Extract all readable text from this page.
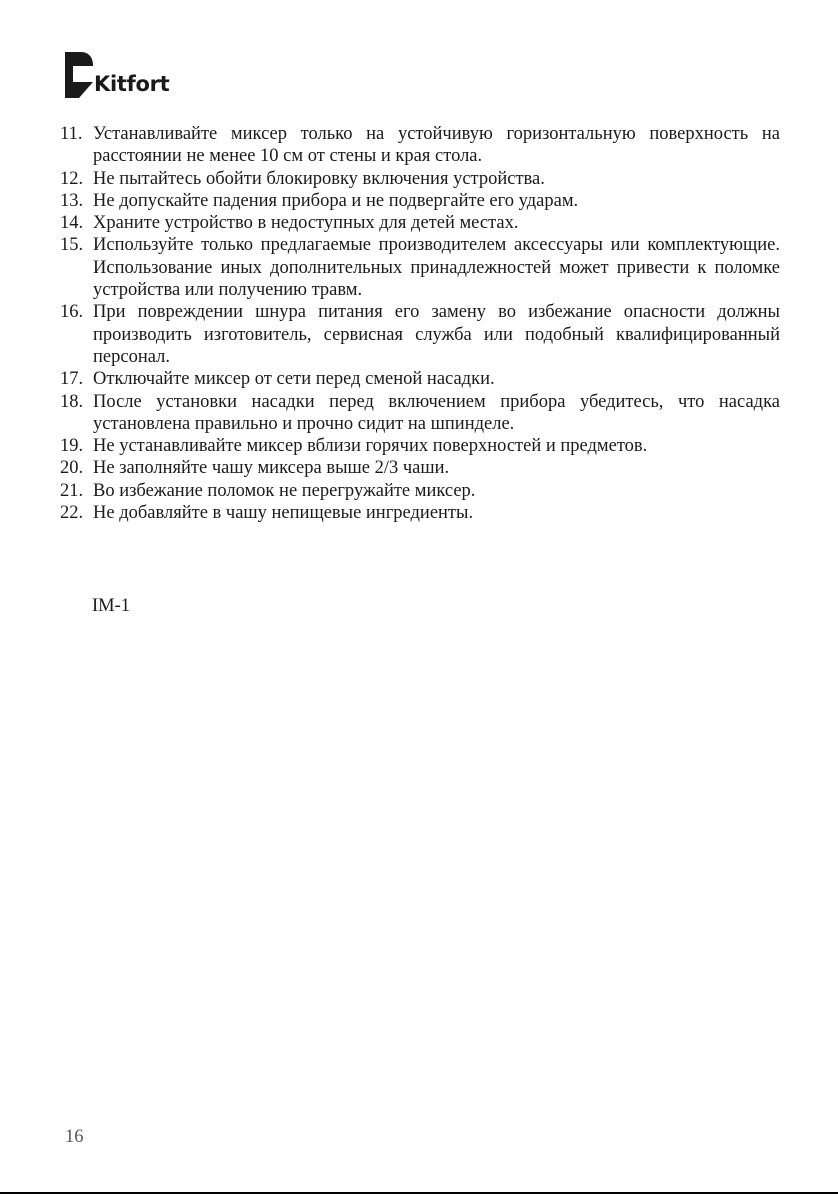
Kitfort
11. Устанавливайте миксер только на устойчивую горизонтальную поверхность на расстоянии не менее 10 см от стены и края стола.
12. Не пытайтесь обойти блокировку включения устройства.
13. Не допускайте падения прибора и не подвергайте его ударам.
14. Храните устройство в недоступных для детей местах.
15. Используйте только предлагаемые производителем аксессуары или комплектующие. Использование иных дополнительных принадлежностей может привести к поломке устройства или получению травм.
16. При повреждении шнура питания его замену во избежание опасности должны производить изготовитель, сервисная служба или подобный квалифицированный персонал.
17. Отключайте миксер от сети перед сменой насадки.
18. После установки насадки перед включением прибора убедитесь, что насадка установлена правильно и прочно сидит на шпинделе.
19. Не устанавливайте миксер вблизи горячих поверхностей и предметов.
20. Не заполняйте чашу миксера выше 2/3 чаши.
21. Во избежание поломок не перегружайте миксер.
22. Не добавляйте в чашу непищевые ингредиенты.
IM-1
16
